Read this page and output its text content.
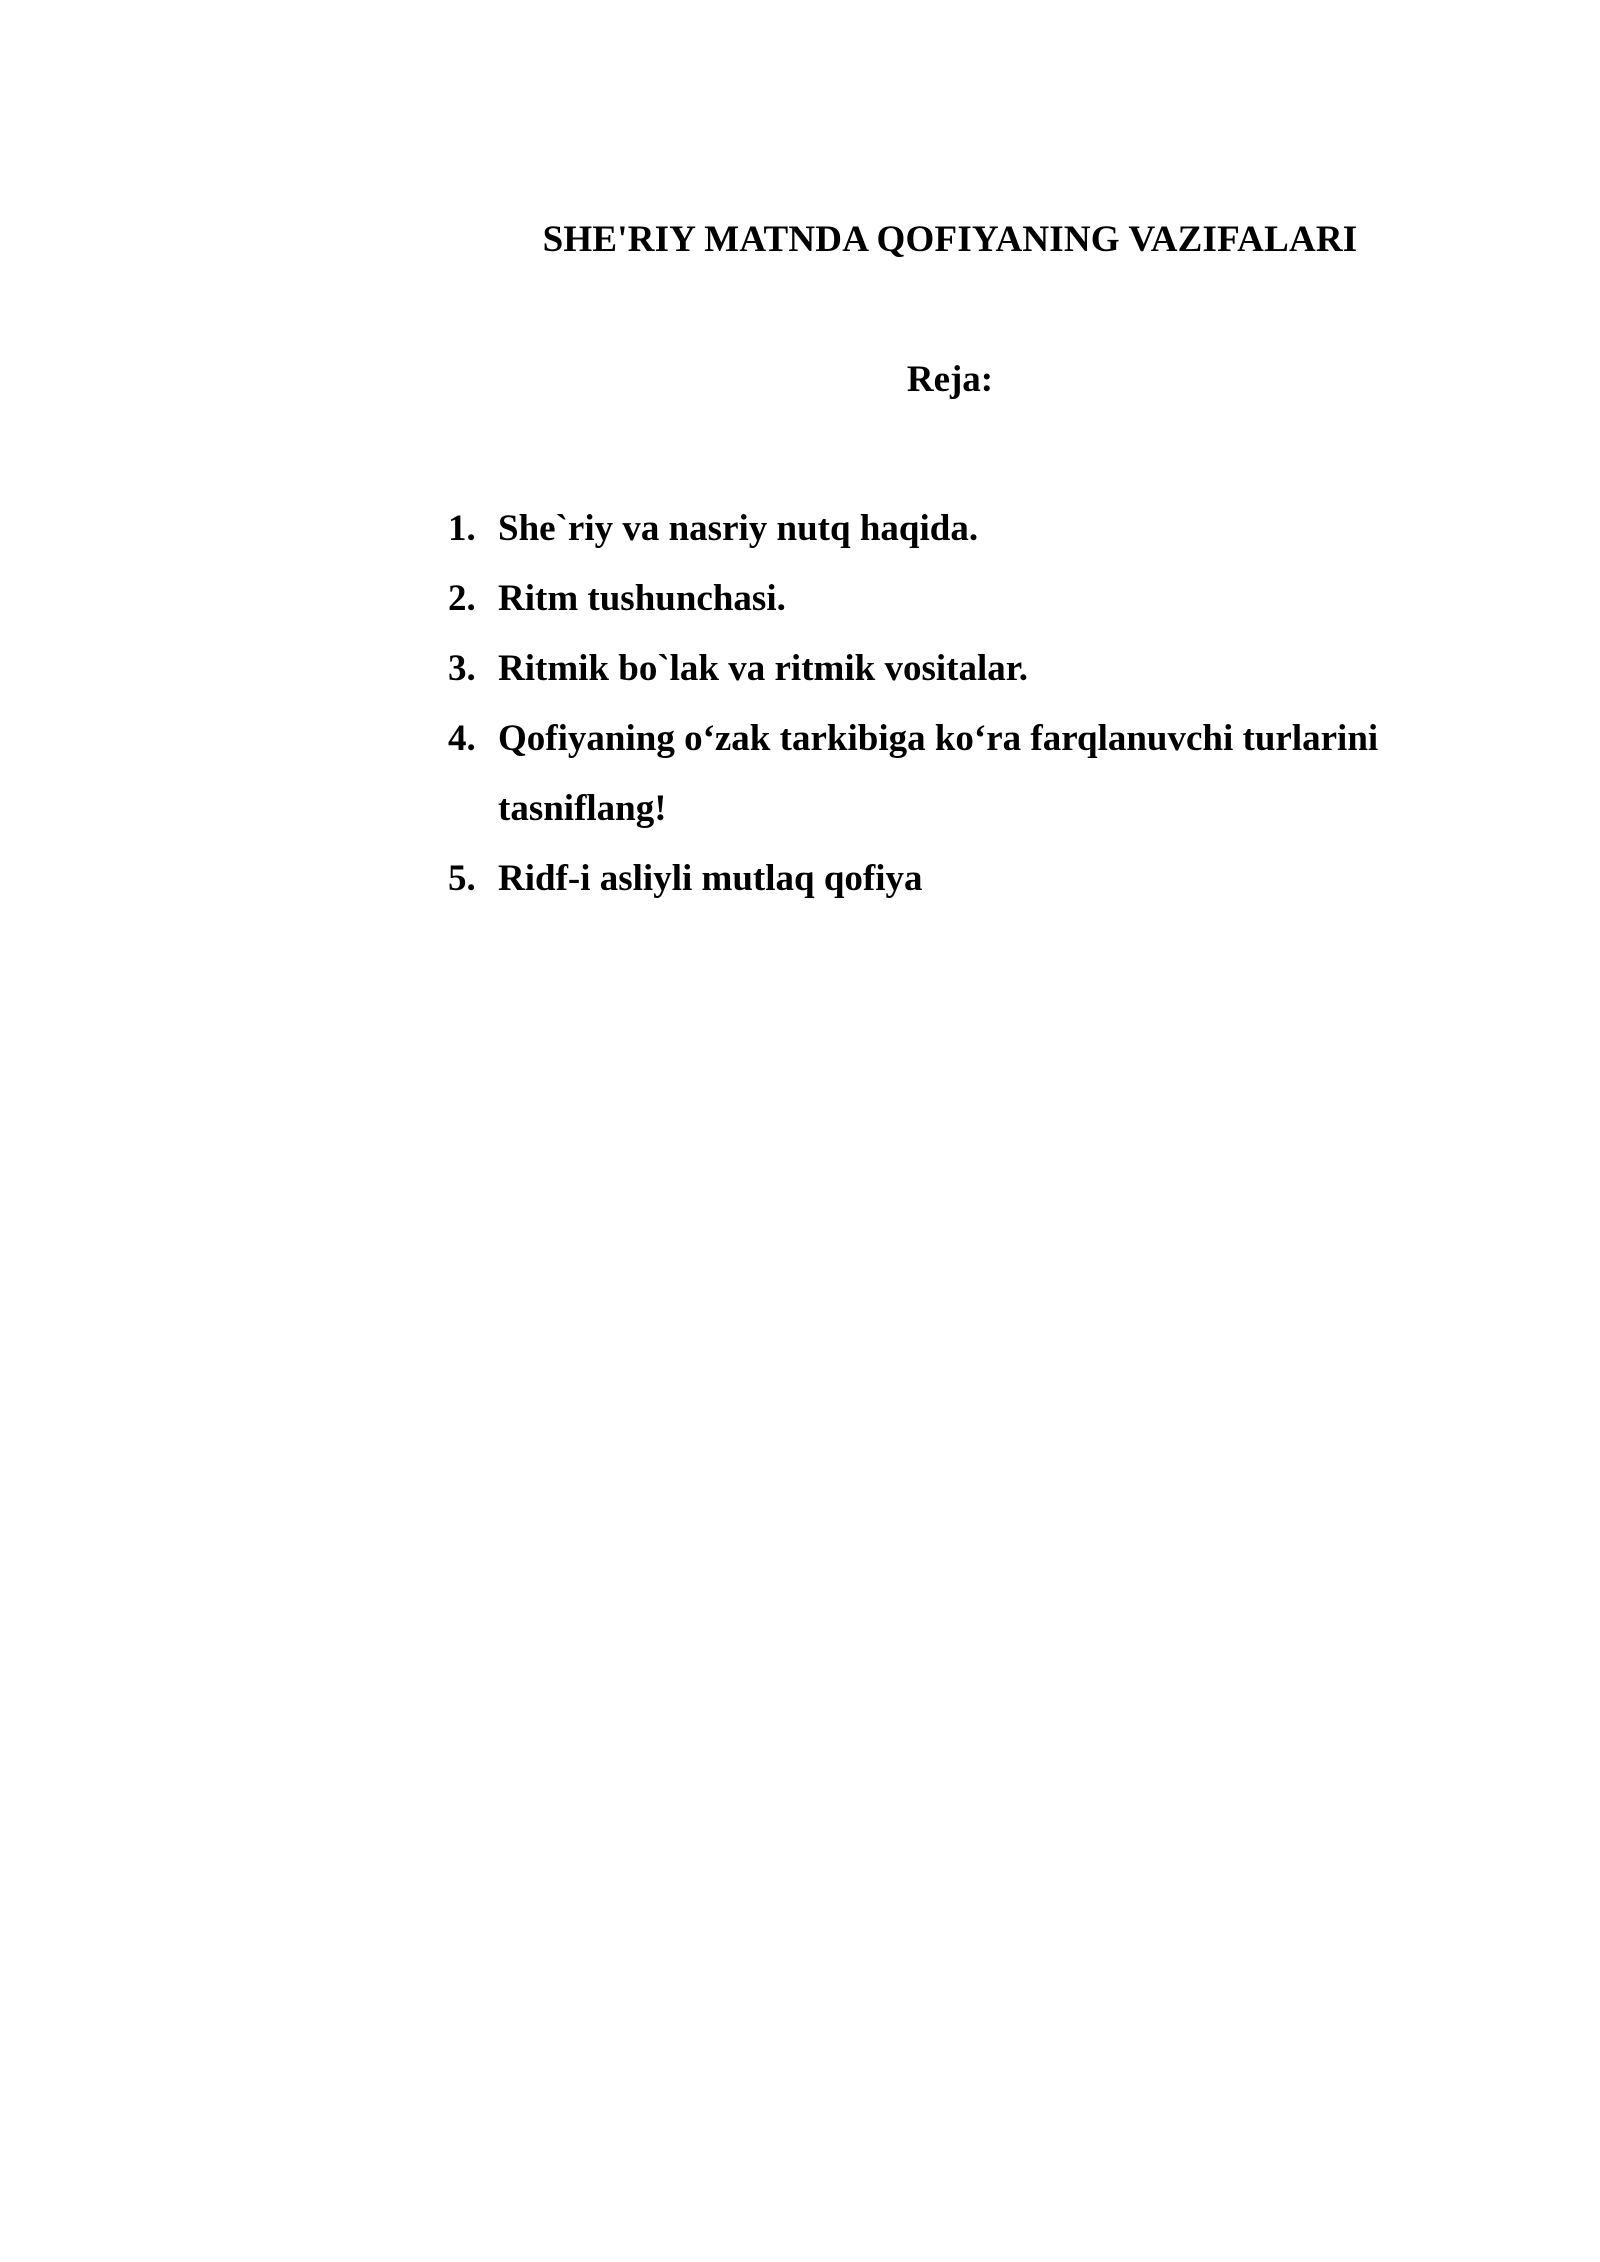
SHE'RIY MATNDA QOFIYANING VAZIFALARI
Reja:
1. She`riy va nasriy nutq haqida.
2. Ritm tushunchasi.
3. Ritmik bo`lak va ritmik vositalar.
4. Qofiyaning o‘zak tarkibiga ko‘ra farqlanuvchi turlarini tasniflang!
5. Ridf-i asliyli mutlaq qofiya
